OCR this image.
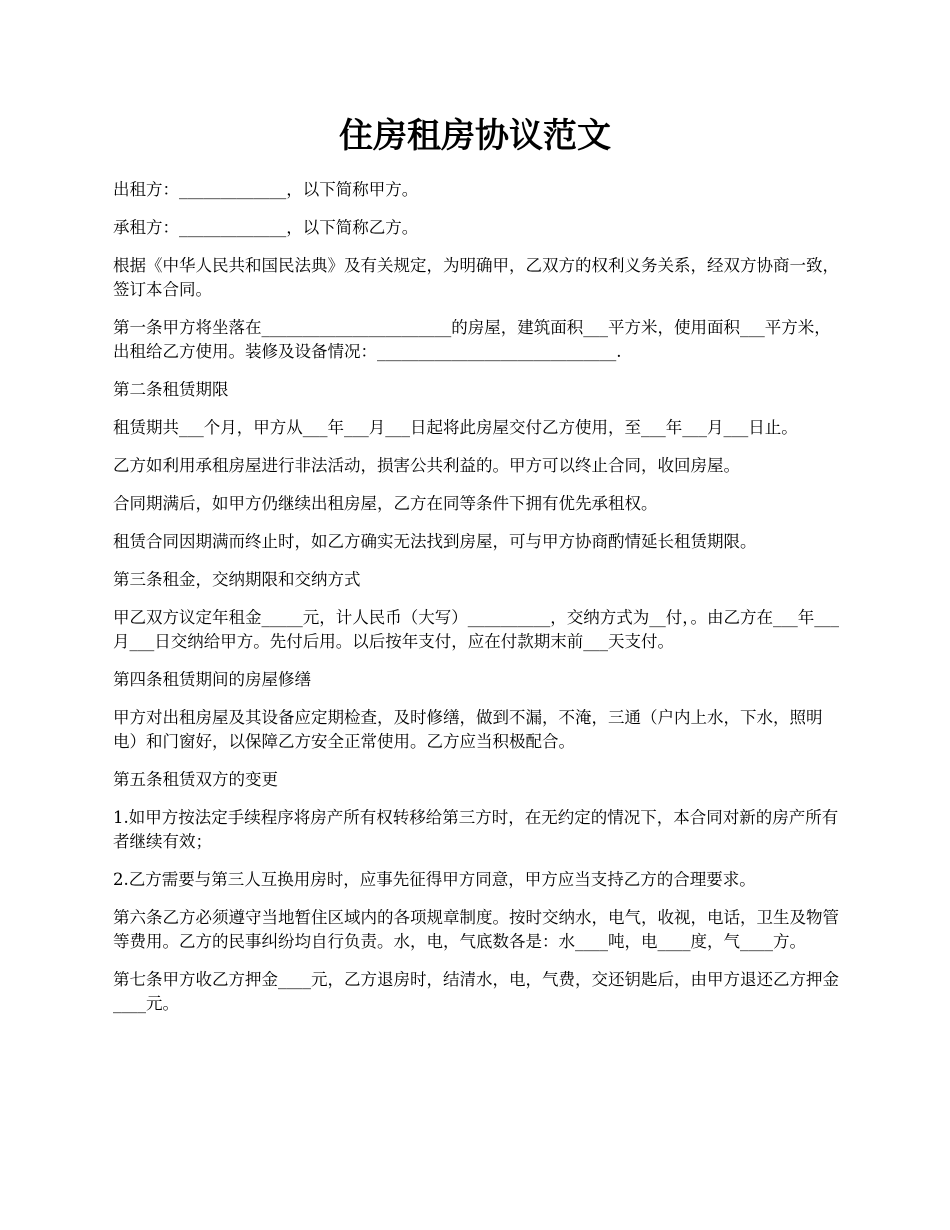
住房租房协议范文

出租方：_____________，以下简称甲方。

承租方：_____________，以下简称乙方。

根据《中华人民共和国民法典》及有关规定，为明确甲，乙双方的权利义务关系，经双方协商一致，签订本合同。

第一条甲方将坐落在_______________________的房屋，建筑面积___平方米，使用面积___平方米，出租给乙方使用。装修及设备情况：_____________________________.

第二条租赁期限

租赁期共___个月，甲方从___年___月___日起将此房屋交付乙方使用，至___年___月___日止。

乙方如利用承租房屋进行非法活动，损害公共利益的。甲方可以终止合同，收回房屋。

合同期满后，如甲方仍继续出租房屋，乙方在同等条件下拥有优先承租权。

租赁合同因期满而终止时，如乙方确实无法找到房屋，可与甲方协商酌情延长租赁期限。

第三条租金，交纳期限和交纳方式

甲乙双方议定年租金_____元，计人民币（大写）__________，交纳方式为__付，。由乙方在___年___月___日交纳给甲方。先付后用。以后按年支付，应在付款期末前___天支付。

第四条租赁期间的房屋修缮

甲方对出租房屋及其设备应定期检查，及时修缮，做到不漏，不淹，三通（户内上水，下水，照明电）和门窗好，以保障乙方安全正常使用。乙方应当积极配合。

第五条租赁双方的变更

1.如甲方按法定手续程序将房产所有权转移给第三方时，在无约定的情况下，本合同对新的房产所有者继续有效；

2.乙方需要与第三人互换用房时，应事先征得甲方同意，甲方应当支持乙方的合理要求。

第六条乙方必须遵守当地暂住区域内的各项规章制度。按时交纳水，电气，收视，电话，卫生及物管等费用。乙方的民事纠纷均自行负责。水，电，气底数各是：水____吨，电____度，气____方。

第七条甲方收乙方押金____元，乙方退房时，结清水，电，气费，交还钥匙后，由甲方退还乙方押金____元。
